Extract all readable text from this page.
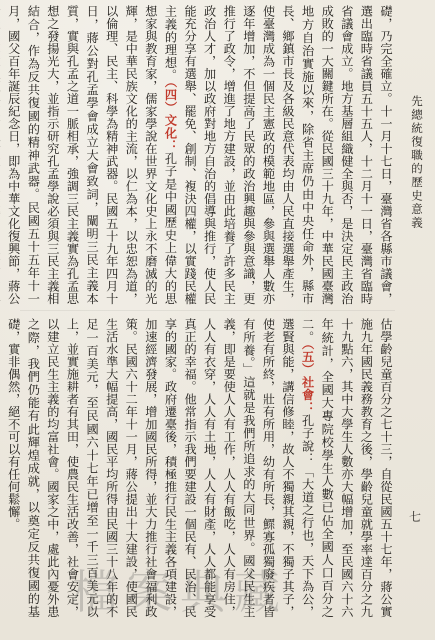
礎，乃完全確立。十一月十七日，臺灣省各縣市議會，選出臨時省議員五十五人，十二月十一日，臺灣省臨時省議會成立。地方基層組織健全與否，是決定民主政治成敗的一大關鍵所在。從民國三十九年，中華民國臺灣地方自治實施以來，除省主席仍由中央任命外，縣市長、鄉鎮市長及各級民意代表均由人民直接選舉產生，使臺灣成為一個民主憲政的模範地區，參與選舉人數亦逐年增加，不但提高了民眾的政治興趣與參與意識，更推行了政令，增進了地方建設，並由此培養了許多民主政治人才，加以政府對地方自治的倡導與推行，使人民能充分享有選舉、罷免、創制、複決四權，以實踐民權主義的理想。（四）文化：孔子是中國歷史上偉大的思想家與教育家，儒家學說在世界文化史上永不磨滅的光輝，是中華民族文化的主流，以仁為本，以忠恕為道，以倫理、民主、科學為精神武器。民國五十九年四月十日，蔣公對孔孟學會成立大會致詞，闡明三民主義本質，實與孔孟之道一脈相承，強調三民主義實為孔孟思想之發揚光大，並指示研究孔孟學說必須與三民主義相結合，作為反共復國的精神武器。民國五十五年十一月，國父百年誕辰紀念日，即為中華文化復興節，蔣公
估學齡兒童百分之七十三，自從民國五十七年，蔣公實施九年國民義務教育之後，學齡兒童就學率達百分之九十九點六，其中大學生人數亦大幅增加，至民國六十六年統計，全國大專院校學生人數已佔全國人口百分之二。（五）社會：孔子說：「大道之行也，天下為公，選賢與能，講信修睦，故人不獨親其親，不獨子其子，使老有所終，壯有所用，幼有所長，鰥寡孤獨廢疾者皆有所養。」這就是我們所追求的大同世界。國父民生主義，即是要使人人有工作，人人有飯吃，人人有房住，人人有衣穿，人人有土地，人人有財產，人人都能享受真正的幸福。他常指示我們要建設一個民有、民治、民享的國家。政府遷臺後，積極推行民生主義各項建設，加速經濟發展，增加國民所得，並大力推行社會福利政策。民國六十二年十一月，蔣公提出十大建設，使國民生活水準大幅提高，國民平均所得由民國三十八年的不足一百美元，至民國六十七年已增至一千三百美元以上，並實施耕者有其田，使農民生活改善，社會安定，以建立民生主義的均富社會。國家之中，處此內憂外患之際，我們仍能有此輝煌成就，以奠定反共復國的基礎，實非偶然，絕不可以有任何鬆懈。
先總統復職的歷史意義
七
檔案典藏
